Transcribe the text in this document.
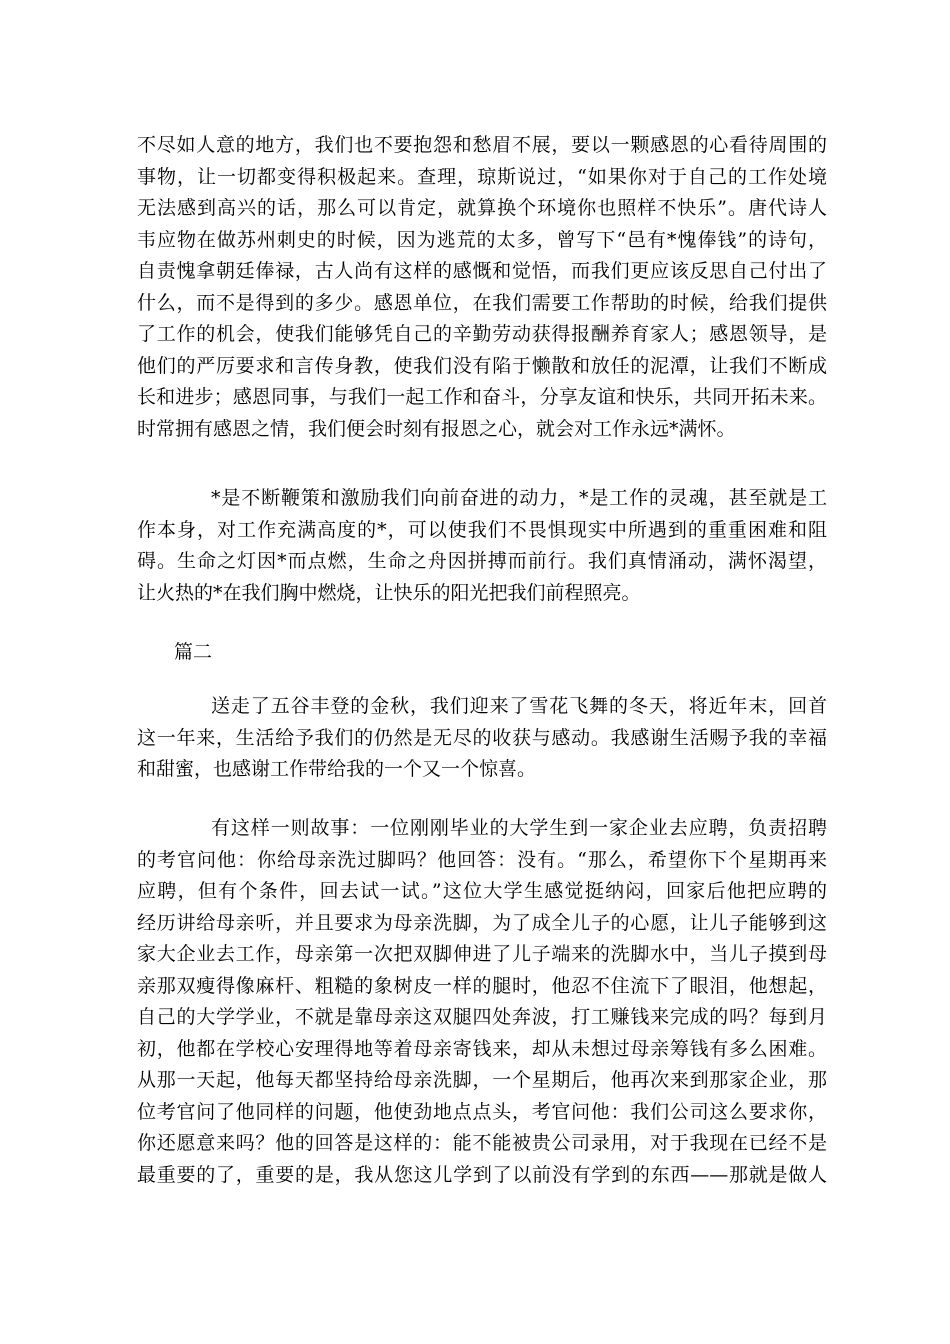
不尽如人意的地方，我们也不要抱怨和愁眉不展，要以一颗感恩的心看待周围的
事物，让一切都变得积极起来。查理，琼斯说过，“如果你对于自己的工作处境
无法感到高兴的话，那么可以肯定，就算换个环境你也照样不快乐”。唐代诗人
韦应物在做苏州刺史的时候，因为逃荒的太多，曾写下“邑有*愧俸钱”的诗句，
自责愧拿朝廷俸禄，古人尚有这样的感慨和觉悟，而我们更应该反思自己付出了
什么，而不是得到的多少。感恩单位，在我们需要工作帮助的时候，给我们提供
了工作的机会，使我们能够凭自己的辛勤劳动获得报酬养育家人；感恩领导，是
他们的严厉要求和言传身教，使我们没有陷于懒散和放任的泥潭，让我们不断成
长和进步；感恩同事，与我们一起工作和奋斗，分享友谊和快乐，共同开拓未来。
时常拥有感恩之情，我们便会时刻有报恩之心，就会对工作永远*满怀。
*是不断鞭策和激励我们向前奋进的动力，*是工作的灵魂，甚至就是工
作本身，对工作充满高度的*，可以使我们不畏惧现实中所遇到的重重困难和阻
碍。生命之灯因*而点燃，生命之舟因拼搏而前行。我们真情涌动，满怀渴望，
让火热的*在我们胸中燃烧，让快乐的阳光把我们前程照亮。
篇二
送走了五谷丰登的金秋，我们迎来了雪花飞舞的冬天，将近年末，回首
这一年来，生活给予我们的仍然是无尽的收获与感动。我感谢生活赐予我的幸福
和甜蜜，也感谢工作带给我的一个又一个惊喜。
有这样一则故事：一位刚刚毕业的大学生到一家企业去应聘，负责招聘
的考官问他：你给母亲洗过脚吗？他回答：没有。“那么，希望你下个星期再来
应聘，但有个条件，回去试一试。”这位大学生感觉挺纳闷，回家后他把应聘的
经历讲给母亲听，并且要求为母亲洗脚，为了成全儿子的心愿，让儿子能够到这
家大企业去工作，母亲第一次把双脚伸进了儿子端来的洗脚水中，当儿子摸到母
亲那双瘦得像麻杆、粗糙的象树皮一样的腿时，他忍不住流下了眼泪，他想起，
自己的大学学业，不就是靠母亲这双腿四处奔波，打工赚钱来完成的吗？每到月
初，他都在学校心安理得地等着母亲寄钱来，却从未想过母亲筹钱有多么困难。
从那一天起，他每天都坚持给母亲洗脚，一个星期后，他再次来到那家企业，那
位考官问了他同样的问题，他使劲地点点头，考官问他：我们公司这么要求你，
你还愿意来吗？他的回答是这样的：能不能被贵公司录用，对于我现在已经不是
最重要的了，重要的是，我从您这儿学到了以前没有学到的东西——那就是做人
